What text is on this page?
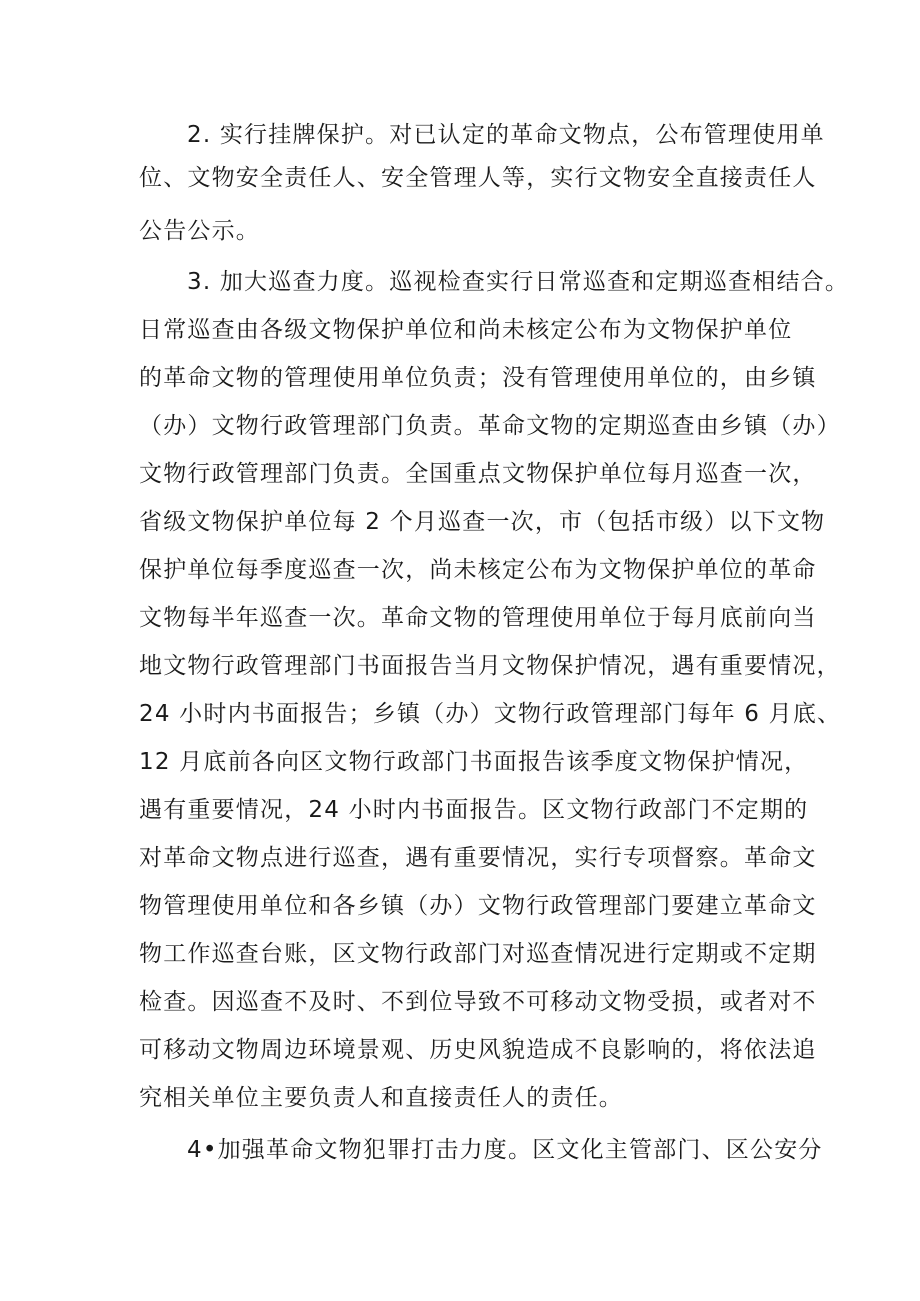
2. 实行挂牌保护。对已认定的革命文物点，公布管理使用单
位、文物安全责任人、安全管理人等，实行文物安全直接责任人
公告公示。
3. 加大巡查力度。巡视检查实行日常巡查和定期巡查相结合。
日常巡查由各级文物保护单位和尚未核定公布为文物保护单位
的革命文物的管理使用单位负责；没有管理使用单位的，由乡镇
（办）文物行政管理部门负责。革命文物的定期巡查由乡镇（办）
文物行政管理部门负责。全国重点文物保护单位每月巡查一次，
省级文物保护单位每 2 个月巡查一次，市（包括市级）以下文物
保护单位每季度巡查一次，尚未核定公布为文物保护单位的革命
文物每半年巡查一次。革命文物的管理使用单位于每月底前向当
地文物行政管理部门书面报告当月文物保护情况，遇有重要情况，
24 小时内书面报告；乡镇（办）文物行政管理部门每年 6 月底、
12 月底前各向区文物行政部门书面报告该季度文物保护情况，
遇有重要情况，24 小时内书面报告。区文物行政部门不定期的
对革命文物点进行巡查，遇有重要情况，实行专项督察。革命文
物管理使用单位和各乡镇（办）文物行政管理部门要建立革命文
物工作巡查台账，区文物行政部门对巡查情况进行定期或不定期
检查。因巡查不及时、不到位导致不可移动文物受损，或者对不
可移动文物周边环境景观、历史风貌造成不良影响的，将依法追
究相关单位主要负责人和直接责任人的责任。
4•加强革命文物犯罪打击力度。区文化主管部门、区公安分
